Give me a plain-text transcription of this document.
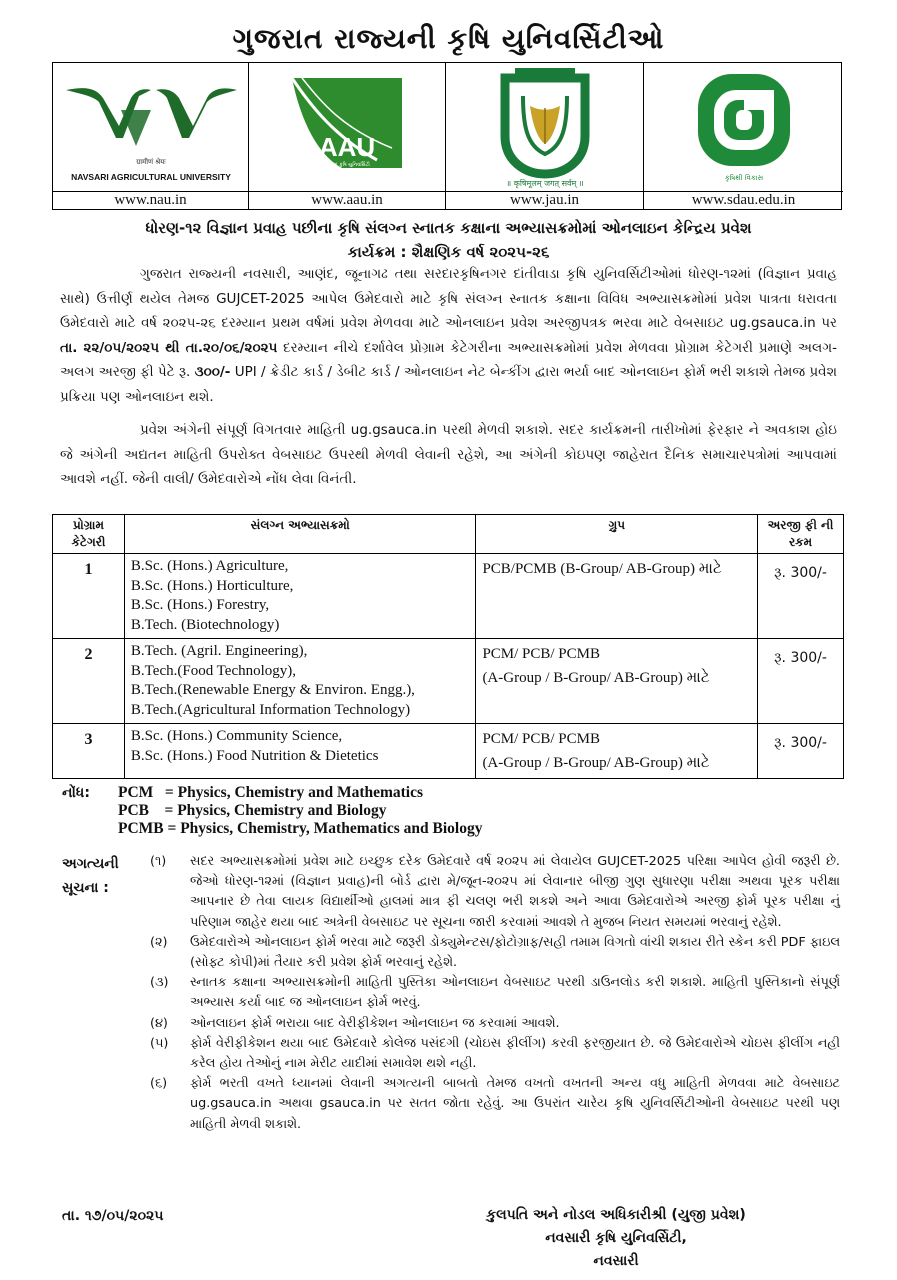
ગુજરાત રાજ્યની કૃષિ યુનિવર્સિટીઓ
ग्रामीणं श्रेयः
NAVSARI AGRICULTURAL UNIVERSITY
www.nau.in
AAU
આણંદ કૃષિ યુનિવર્સિટી
www.aau.in
॥ कृषिमूलम् जगत् सर्वम् ॥
www.jau.in
કૃષિથી વિકાસ
www.sdau.edu.in
ધોરણ-૧૨ વિજ્ઞાન પ્રવાહ પછીના કૃષિ સંલગ્ન સ્નાતક કક્ષાના અભ્યાસક્રમોમાં ઓનલાઇન કેન્દ્રિય પ્રવેશ
કાર્યક્રમ : શૈક્ષણિક વર્ષ ૨૦૨૫-૨૬
ગુજરાત રાજ્યની નવસારી, આણંદ, જૂનાગઢ તથા સરદારકૃષિનગર દાંતીવાડા કૃષિ યુનિવર્સિટીઓમાં ધોરણ-૧૨માં (વિજ્ઞાન પ્રવાહ સાથે) ઉત્તીર્ણ થયેલ તેમજ GUJCET-2025 આપેલ ઉમેદવારો માટે કૃષિ સંલગ્ન સ્નાતક કક્ષાના વિવિધ અભ્યાસક્રમોમાં પ્રવેશ પાત્રતા ધરાવતા ઉમેદવારો માટે વર્ષ ૨૦૨૫-૨૬ દરમ્યાન પ્રથમ વર્ષમાં પ્રવેશ મેળવવા માટે ઓનલાઇન પ્રવેશ અરજીપત્રક ભરવા માટે વેબસાઇટ ug.gsauca.in પર તા. ૨૨/૦૫/૨૦૨૫ થી તા.૨૦/૦૬/૨૦૨૫ દરમ્યાન નીચે દર્શાવેલ પ્રોગ્રામ કેટેગરીના અભ્યાસક્રમોમાં પ્રવેશ મેળવવા પ્રોગ્રામ કેટેગરી પ્રમાણે અલગ-અલગ અરજી ફી પેટે રૂ. ૩૦૦/- UPI / ક્રેડીટ કાર્ડ / ડેબીટ કાર્ડ / ઓનલાઇન નેટ બેન્કીંગ દ્વારા ભર્યા બાદ ઓનલાઇન ફોર્મ ભરી શકાશે તેમજ પ્રવેશ પ્રક્રિયા પણ ઓનલાઇન થશે.
પ્રવેશ અંગેની સંપૂર્ણ વિગતવાર માહિતી ug.gsauca.in પરથી મેળવી શકાશે. સદર કાર્યક્રમની તારીખોમાં ફેરફાર ને અવકાશ હોઇ જે અંગેની અદ્યતન માહિતી ઉપરોક્ત વેબસાઇટ ઉપરથી મેળવી લેવાની રહેશે, આ અંગેની કોઇપણ જાહેરાત દૈનિક સમાચારપત્રોમાં આપવામાં આવશે નહીં. જેની વાલી/ ઉમેદવારોએ નોંધ લેવા વિનંતી.
પ્રોગ્રામ કેટેગરી	સંલગ્ન અભ્યાસક્રમો	ગ્રુપ	અરજી ફી ની રકમ
1	B.Sc. (Hons.) Agriculture,
B.Sc. (Hons.) Horticulture,
B.Sc. (Hons.) Forestry,
B.Tech. (Biotechnology)	PCB/PCMB (B-Group/ AB-Group) માટે	રૂ. 300/-
2	B.Tech. (Agril. Engineering),
B.Tech.(Food Technology),
B.Tech.(Renewable Energy & Environ. Engg.),
B.Tech.(Agricultural Information Technology)	PCM/ PCB/ PCMB
(A-Group / B-Group/ AB-Group) માટે	રૂ. 300/-
3	B.Sc. (Hons.) Community Science,
B.Sc. (Hons.) Food Nutrition & Dietetics	PCM/ PCB/ PCMB
(A-Group / B-Group/ AB-Group) માટે	રૂ. 300/-
નોંધ: PCM   = Physics, Chemistry and Mathematics
PCB    = Physics, Chemistry and Biology
PCMB = Physics, Chemistry, Mathematics and Biology
અગત્યની
સૂચના :
(૧) સદર અભ્યાસક્રમોમાં પ્રવેશ માટે ઇચ્છુક દરેક ઉમેદવારે વર્ષ ૨૦૨૫ માં લેવાયેલ GUJCET-2025 પરિક્ષા આપેલ હોવી જરૂરી છે. જેઓ ધોરણ-૧૨માં (વિજ્ઞાન પ્રવાહ)ની બોર્ડ દ્વારા મે/જૂન-૨૦૨૫ માં લેવાનાર બીજી ગુણ સુધારણા પરીક્ષા અથવા પૂરક પરીક્ષા આપનાર છે તેવા લાયક વિદ્યાર્થીઓ હાલમાં માત્ર ફી ચલણ ભરી શકશે અને આવા ઉમેદવારોએ અરજી ફોર્મ પૂરક પરીક્ષા નું પરિણામ જાહેર થયા બાદ અત્રેની વેબસાઇટ પર સૂચના જારી કરવામાં આવશે તે મુજબ નિયત સમયમાં ભરવાનું રહેશે.
(૨) ઉમેદવારોએ ઓનલાઇન ફોર્મ ભરવા માટે જરૂરી ડોક્યુમેન્ટસ/ફોટોગ્રાફ/સહી તમામ વિગતો વાંચી શકાય રીતે સ્કેન કરી PDF ફાઇલ (સોફ્ટ કોપી)માં તૈયાર કરી પ્રવેશ ફોર્મ ભરવાનું રહેશે.
(૩) સ્નાતક કક્ષાના અભ્યાસક્રમોની માહિતી પુસ્તિકા ઓનલાઇન વેબસાઇટ પરથી ડાઉનલોડ કરી શકાશે. માહિતી પુસ્તિકાનો સંપૂર્ણ અભ્યાસ કર્યા બાદ જ ઓનલાઇન ફોર્મ ભરવું.
(૪) ઓનલાઇન ફોર્મ ભરાયા બાદ વેરીફીકેશન ઓનલાઇન જ કરવામાં આવશે.
(૫) ફોર્મ વેરીફીકેશન થયા બાદ ઉમેદવારે કોલેજ પસંદગી (ચોઇસ ફીલીંગ) કરવી ફરજીયાત છે. જે ઉમેદવારોએ ચોઇસ ફીલીંગ નહી કરેલ હોય તેઓનું નામ મેરીટ યાદીમાં સમાવેશ થશે નહી.
(૬) ફોર્મ ભરતી વખતે ધ્યાનમાં લેવાની અગત્યની બાબતો તેમજ વખતો વખતની અન્ય વધુ માહિતી મેળવવા માટે વેબસાઇટ ug.gsauca.in અથવા gsauca.in પર સતત જોતા રહેવું. આ ઉપરાંત ચારેય કૃષિ યુનિવર્સિટીઓની વેબસાઇટ પરથી પણ માહિતી મેળવી શકાશે.
તા. ૧૭/૦૫/૨૦૨૫	કુલપતિ અને નોડલ અધિકારીશ્રી (યુજી પ્રવેશ)
નવસારી કૃષિ યુનિવર્સિટી,
નવસારી
